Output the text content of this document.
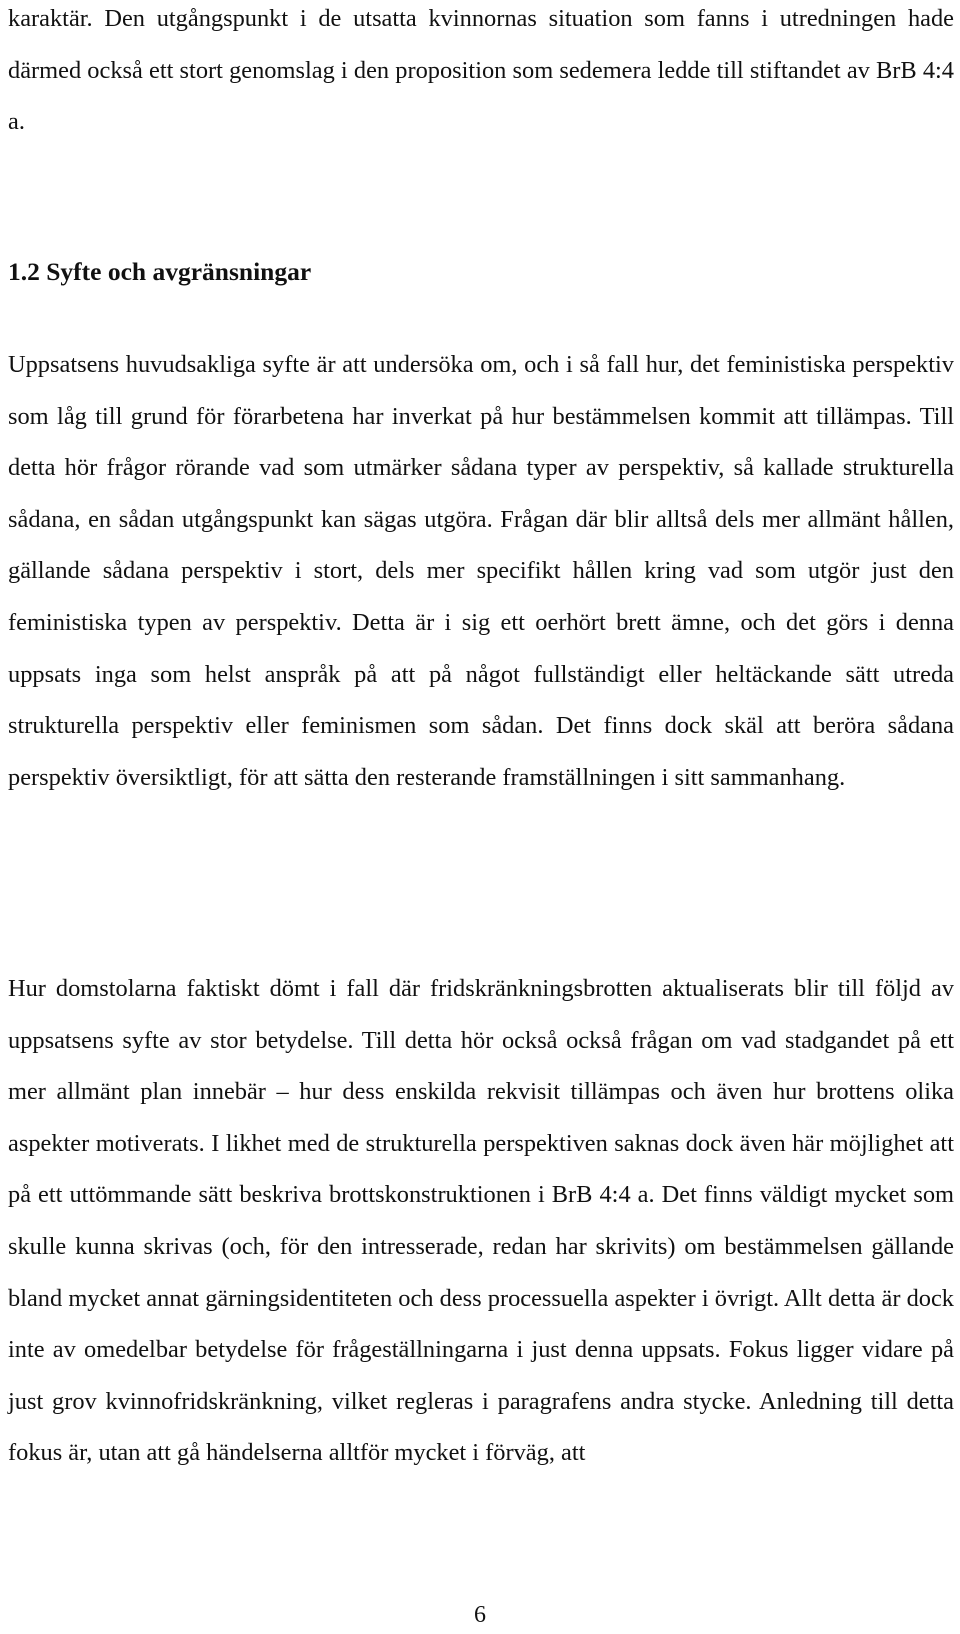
karaktär. Den utgångspunkt i de utsatta kvinnornas situation som fanns i utredningen hade därmed också ett stort genomslag i den proposition som sedemera ledde till stiftandet av BrB 4:4 a.

1.2 Syfte och avgränsningar

Uppsatsens huvudsakliga syfte är att undersöka om, och i så fall hur, det feministiska perspektiv som låg till grund för förarbetena har inverkat på hur bestämmelsen kommit att tillämpas. Till detta hör frågor rörande vad som utmärker sådana typer av perspektiv, så kallade strukturella sådana, en sådan utgångspunkt kan sägas utgöra. Frågan där blir alltså dels mer allmänt hållen, gällande sådana perspektiv i stort, dels mer specifikt hållen kring vad som utgör just den feministiska typen av perspektiv. Detta är i sig ett oerhört brett ämne, och det görs i denna uppsats inga som helst anspråk på att på något fullständigt eller heltäckande sätt utreda strukturella perspektiv eller feminismen som sådan. Det finns dock skäl att beröra sådana perspektiv översiktligt, för att sätta den resterande framställningen i sitt sammanhang.

Hur domstolarna faktiskt dömt i fall där fridskränkningsbrotten aktualiserats blir till följd av uppsatsens syfte av stor betydelse. Till detta hör också också frågan om vad stadgandet på ett mer allmänt plan innebär – hur dess enskilda rekvisit tillämpas och även hur brottens olika aspekter motiverats. I likhet med de strukturella perspektiven saknas dock även här möjlighet att på ett uttömmande sätt beskriva brottskonstruktionen i BrB 4:4 a. Det finns väldigt mycket som skulle kunna skrivas (och, för den intresserade, redan har skrivits) om bestämmelsen gällande bland mycket annat gärningsidentiteten och dess processuella aspekter i övrigt. Allt detta är dock inte av omedelbar betydelse för frågeställningarna i just denna uppsats. Fokus ligger vidare på just grov kvinnofridskränkning, vilket regleras i paragrafens andra stycke. Anledning till detta fokus är, utan att gå händelserna alltför mycket i förväg, att

6
